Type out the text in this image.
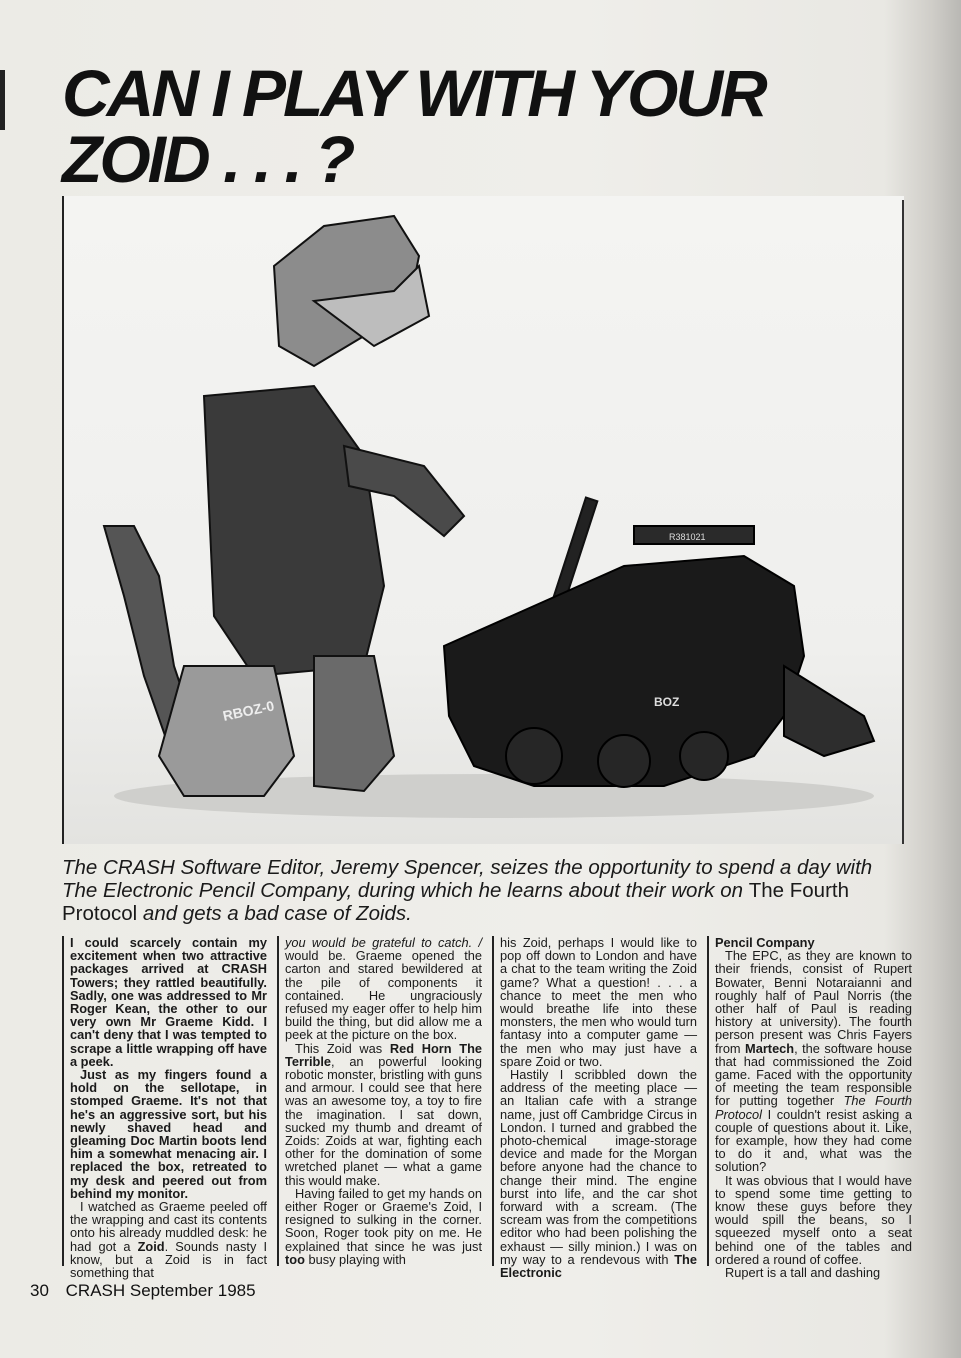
CAN I PLAY WITH YOUR
ZOID . . . ?
RBOZ-0	BOZ
R381021

The CRASH Software Editor, Jeremy Spencer, seizes the opportunity to spend a day with The Electronic Pencil Company, during which he learns about their work on The Fourth Protocol and gets a bad case of Zoids.

I could scarcely contain my excitement when two attractive packages arrived at CRASH Towers; they rattled beautifully. Sadly, one was addressed to Mr Roger Kean, the other to our very own Mr Graeme Kidd. I can't deny that I was tempted to scrape a little wrapping off have a peek.

Just as my fingers found a hold on the sellotape, in stomped Graeme. It's not that he's an aggressive sort, but his newly shaved head and gleaming Doc Martin boots lend him a somewhat menacing air. I replaced the box, retreated to my desk and peered out from behind my monitor.

I watched as Graeme peeled off the wrapping and cast its contents onto his already muddled desk: he had got a Zoid. Sounds nasty I know, but a Zoid is in fact something that

you would be grateful to catch. / would be. Graeme opened the carton and stared bewildered at the pile of components it contained. He ungraciously refused my eager offer to help him build the thing, but did allow me a peek at the picture on the box.

This Zoid was Red Horn The Terrible, an powerful looking robotic monster, bristling with guns and armour. I could see that here was an awesome toy, a toy to fire the imagination. I sat down, sucked my thumb and dreamt of Zoids: Zoids at war, fighting each other for the domination of some wretched planet — what a game this would make.

Having failed to get my hands on either Roger or Graeme's Zoid, I resigned to sulking in the corner. Soon, Roger took pity on me. He explained that since he was just too busy playing with

his Zoid, perhaps I would like to pop off down to London and have a chat to the team writing the Zoid game? What a question! . . . a chance to meet the men who would breathe life into these monsters, the men who would turn fantasy into a computer game — the men who may just have a spare Zoid or two.

Hastily I scribbled down the address of the meeting place — an Italian cafe with a strange name, just off Cambridge Circus in London. I turned and grabbed the photo-chemical image-storage device and made for the Morgan before anyone had the chance to change their mind. The engine burst into life, and the car shot forward with a scream. (The scream was from the competitions editor who had been polishing the exhaust — silly minion.) I was on my way to a rendevous with The Electronic

Pencil Company

The EPC, as they are known to their friends, consist of Rupert Bowater, Benni Notaraianni and roughly half of Paul Norris (the other half of Paul is reading history at university). The fourth person present was Chris Fayers from Martech, the software house that had commissioned the Zoid game. Faced with the opportunity of meeting the team responsible for putting together The Fourth Protocol I couldn't resist asking a couple of questions about it. Like, for example, how they had come to do it and, what was the solution?

It was obvious that I would have to spend some time getting to know these guys before they would spill the beans, so I squeezed myself onto a seat behind one of the tables and ordered a round of coffee.

Rupert is a tall and dashing

30 CRASH September 1985
